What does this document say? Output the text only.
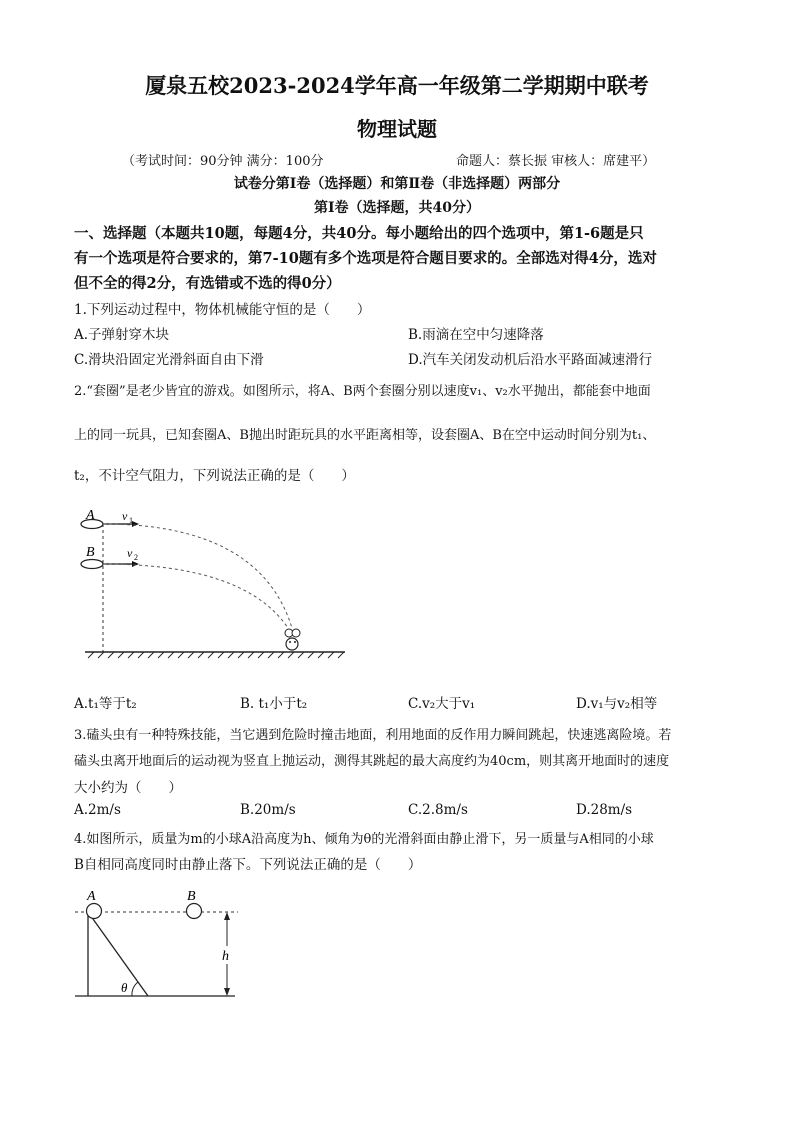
厦泉五校2023-2024学年高一年级第二学期期中联考
物理试题
（考试时间：90分钟 满分：100分	命题人：蔡长振 审核人：席建平）
试卷分第Ⅰ卷（选择题）和第Ⅱ卷（非选择题）两部分
第Ⅰ卷（选择题，共40分）
一、选择题（本题共10题，每题4分，共40分。每小题给出的四个选项中，第1-6题是只
有一个选项是符合要求的，第7-10题有多个选项是符合题目要求的。全部选对得4分，选对
但不全的得2分，有选错或不选的得0分）
1.下列运动过程中，物体机械能守恒的是（　　）
A.子弹射穿木块	B.雨滴在空中匀速降落
C.滑块沿固定光滑斜面自由下滑	D.汽车关闭发动机后沿水平路面减速滑行
2.“套圈”是老少皆宜的游戏。如图所示，将A、B两个套圈分别以速度v₁、v₂水平抛出，都能套中地面
上的同一玩具，已知套圈A、B抛出时距玩具的水平距离相等，设套圈A、B在空中运动时间分别为t₁、
t₂，不计空气阻力，下列说法正确的是（　　）
A
B
v 1
v 2
A.t₁等于t₂	B. t₁小于t₂	C.v₂大于v₁	D.v₁与v₂相等
3.磕头虫有一种特殊技能，当它遇到危险时撞击地面，利用地面的反作用力瞬间跳起，快速逃离险境。若
磕头虫离开地面后的运动视为竖直上抛运动，测得其跳起的最大高度约为40cm，则其离开地面时的速度
大小约为（　　）
A.2m/s	B.20m/s	C.2.8m/s	D.28m/s
4.如图所示，质量为m的小球A沿高度为h、倾角为θ的光滑斜面由静止滑下，另一质量与A相同的小球
B自相同高度同时由静止落下。下列说法正确的是（　　）
A	B
h
θ
